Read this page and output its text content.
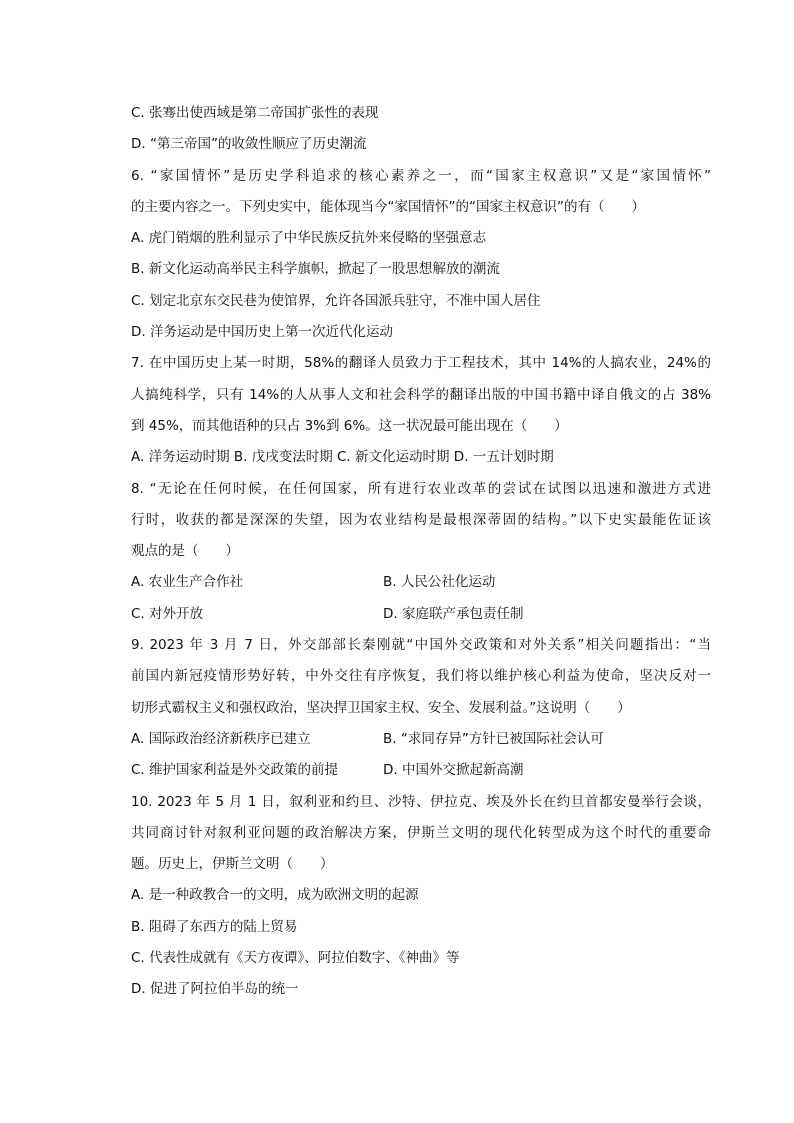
C. 张骞出使西域是第二帝国扩张性的表现
D. “第三帝国”的收敛性顺应了历史潮流
6. “家国情怀”是历史学科追求的核心素养之一，而“国家主权意识”又是“家国情怀”
的主要内容之一。下列史实中，能体现当今“家国情怀”的“国家主权意识”的有（　　）
A. 虎门销烟的胜利显示了中华民族反抗外来侵略的坚强意志
B. 新文化运动高举民主科学旗帜，掀起了一股思想解放的潮流
C. 划定北京东交民巷为使馆界，允许各国派兵驻守，不准中国人居住
D. 洋务运动是中国历史上第一次近代化运动
7. 在中国历史上某一时期，58%的翻译人员致力于工程技术，其中 14%的人搞农业，24%的
人搞纯科学，只有 14%的人从事人文和社会科学的翻译出版的中国书籍中译自俄文的占 38%
到 45%，而其他语种的只占 3%到 6%。这一状况最可能出现在（　　）
A. 洋务运动时期 B. 戊戌变法时期 C. 新文化运动时期 D. 一五计划时期
8. “无论在任何时候，在任何国家，所有进行农业改革的尝试在试图以迅速和激进方式进
行时，收获的都是深深的失望，因为农业结构是最根深蒂固的结构。”以下史实最能佐证该
观点的是（　　）
A. 农业生产合作社	B. 人民公社化运动
C. 对外开放	D. 家庭联产承包责任制
9. 2023 年 3 月 7 日，外交部部长秦刚就“中国外交政策和对外关系”相关问题指出：“当
前国内新冠疫情形势好转，中外交往有序恢复，我们将以维护核心利益为使命，坚决反对一
切形式霸权主义和强权政治，坚决捍卫国家主权、安全、发展利益。”这说明（　　）
A. 国际政治经济新秩序已建立	B. “求同存异”方针已被国际社会认可
C. 维护国家利益是外交政策的前提	D. 中国外交掀起新高潮
10. 2023 年 5 月 1 日，叙利亚和约旦、沙特、伊拉克、埃及外长在约旦首都安曼举行会谈，
共同商讨针对叙利亚问题的政治解决方案，伊斯兰文明的现代化转型成为这个时代的重要命
题。历史上，伊斯兰文明（　　）
A. 是一种政教合一的文明，成为欧洲文明的起源
B. 阻碍了东西方的陆上贸易
C. 代表性成就有《天方夜谭》、阿拉伯数字、《神曲》等
D. 促进了阿拉伯半岛的统一
